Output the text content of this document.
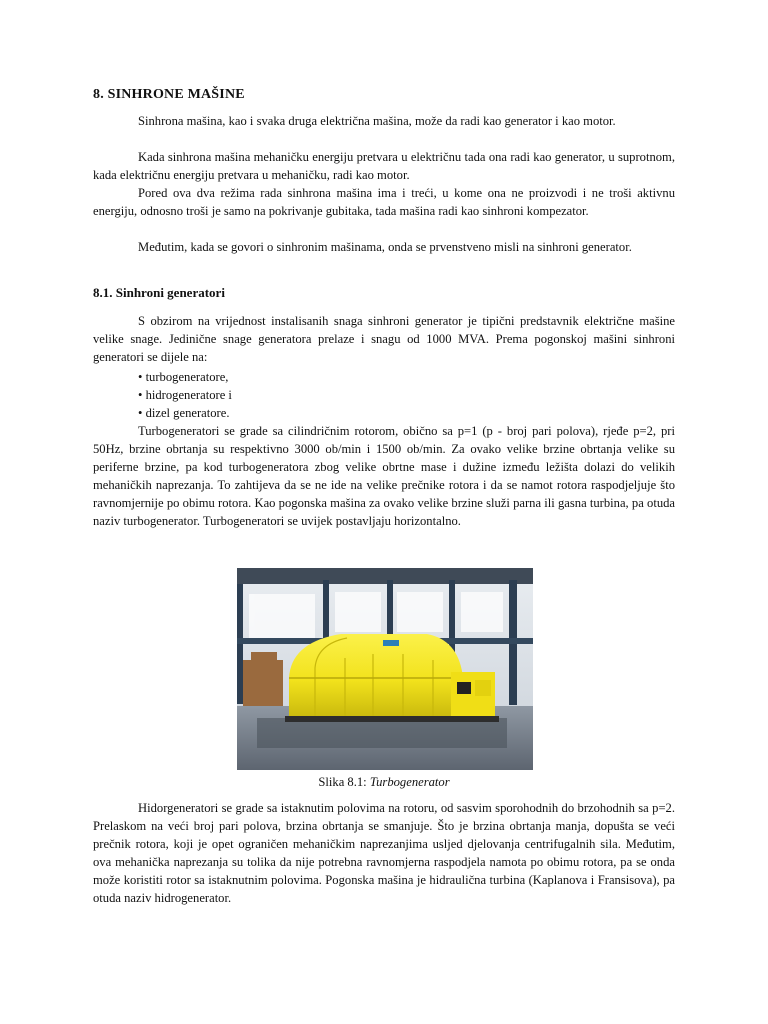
8. SINHRONE MAŠINE

Sinhrona mašina, kao i svaka druga električna mašina, može da radi kao generator i kao motor.

Kada sinhrona mašina mehaničku energiju pretvara u električnu tada ona radi kao generator, u suprotnom, kada električnu energiju pretvara u mehaničku, radi kao motor.

Pored ova dva režima rada sinhrona mašina ima i treći, u kome ona ne proizvodi i ne troši aktivnu energiju, odnosno troši je samo na pokrivanje gubitaka, tada mašina radi kao sinhroni kompezator.

Međutim, kada se govori o sinhronim mašinama, onda se prvenstveno misli na sinhroni generator.

8.1. Sinhroni generatori

S obzirom na vrijednost instalisanih snaga sinhroni generator je tipični predstavnik električne mašine velike snage. Jedinične snage generatora prelaze i snagu od 1000 MVA. Prema pogonskoj mašini sinhroni generatori se dijele na:

• turbogeneratore,
• hidrogeneratore i
• dizel generatore.

Turbogeneratori se grade sa cilindričnim rotorom, obično sa p=1 (p - broj pari polova), rjeđe p=2, pri 50Hz, brzine obrtanja su respektivno 3000 ob/min i 1500 ob/min. Za ovako velike brzine obrtanja velike su periferne brzine, pa kod turbogeneratora zbog velike obrtne mase i dužine između ležišta dolazi do velikih mehaničkih naprezanja. To zahtijeva da se ne ide na velike prečnike rotora i da se namot rotora raspodjeljuje što ravnomjernije po obimu rotora. Kao pogonska mašina za ovako velike brzine služi parna ili gasna turbina, pa otuda naziv turbogenerator. Turbogeneratori se uvijek postavljaju horizontalno.

Slika 8.1: Turbogenerator

Hidorgeneratori se grade sa istaknutim polovima na rotoru, od sasvim sporohodnih do brzohodnih sa p=2. Prelaskom na veći broj pari polova, brzina obrtanja se smanjuje. Što je brzina obrtanja manja, dopušta se veći prečnik rotora, koji je opet ograničen mehaničkim naprezanjima usljed djelovanja centrifugalnih sila. Međutim, ova mehanička naprezanja su tolika da nije potrebna ravnomjerna raspodjela namota po obimu rotora, pa se onda može koristiti rotor sa istaknutnim polovima. Pogonska mašina je hidraulična turbina (Kaplanova i Fransisova), pa otuda naziv hidrogenerator.
